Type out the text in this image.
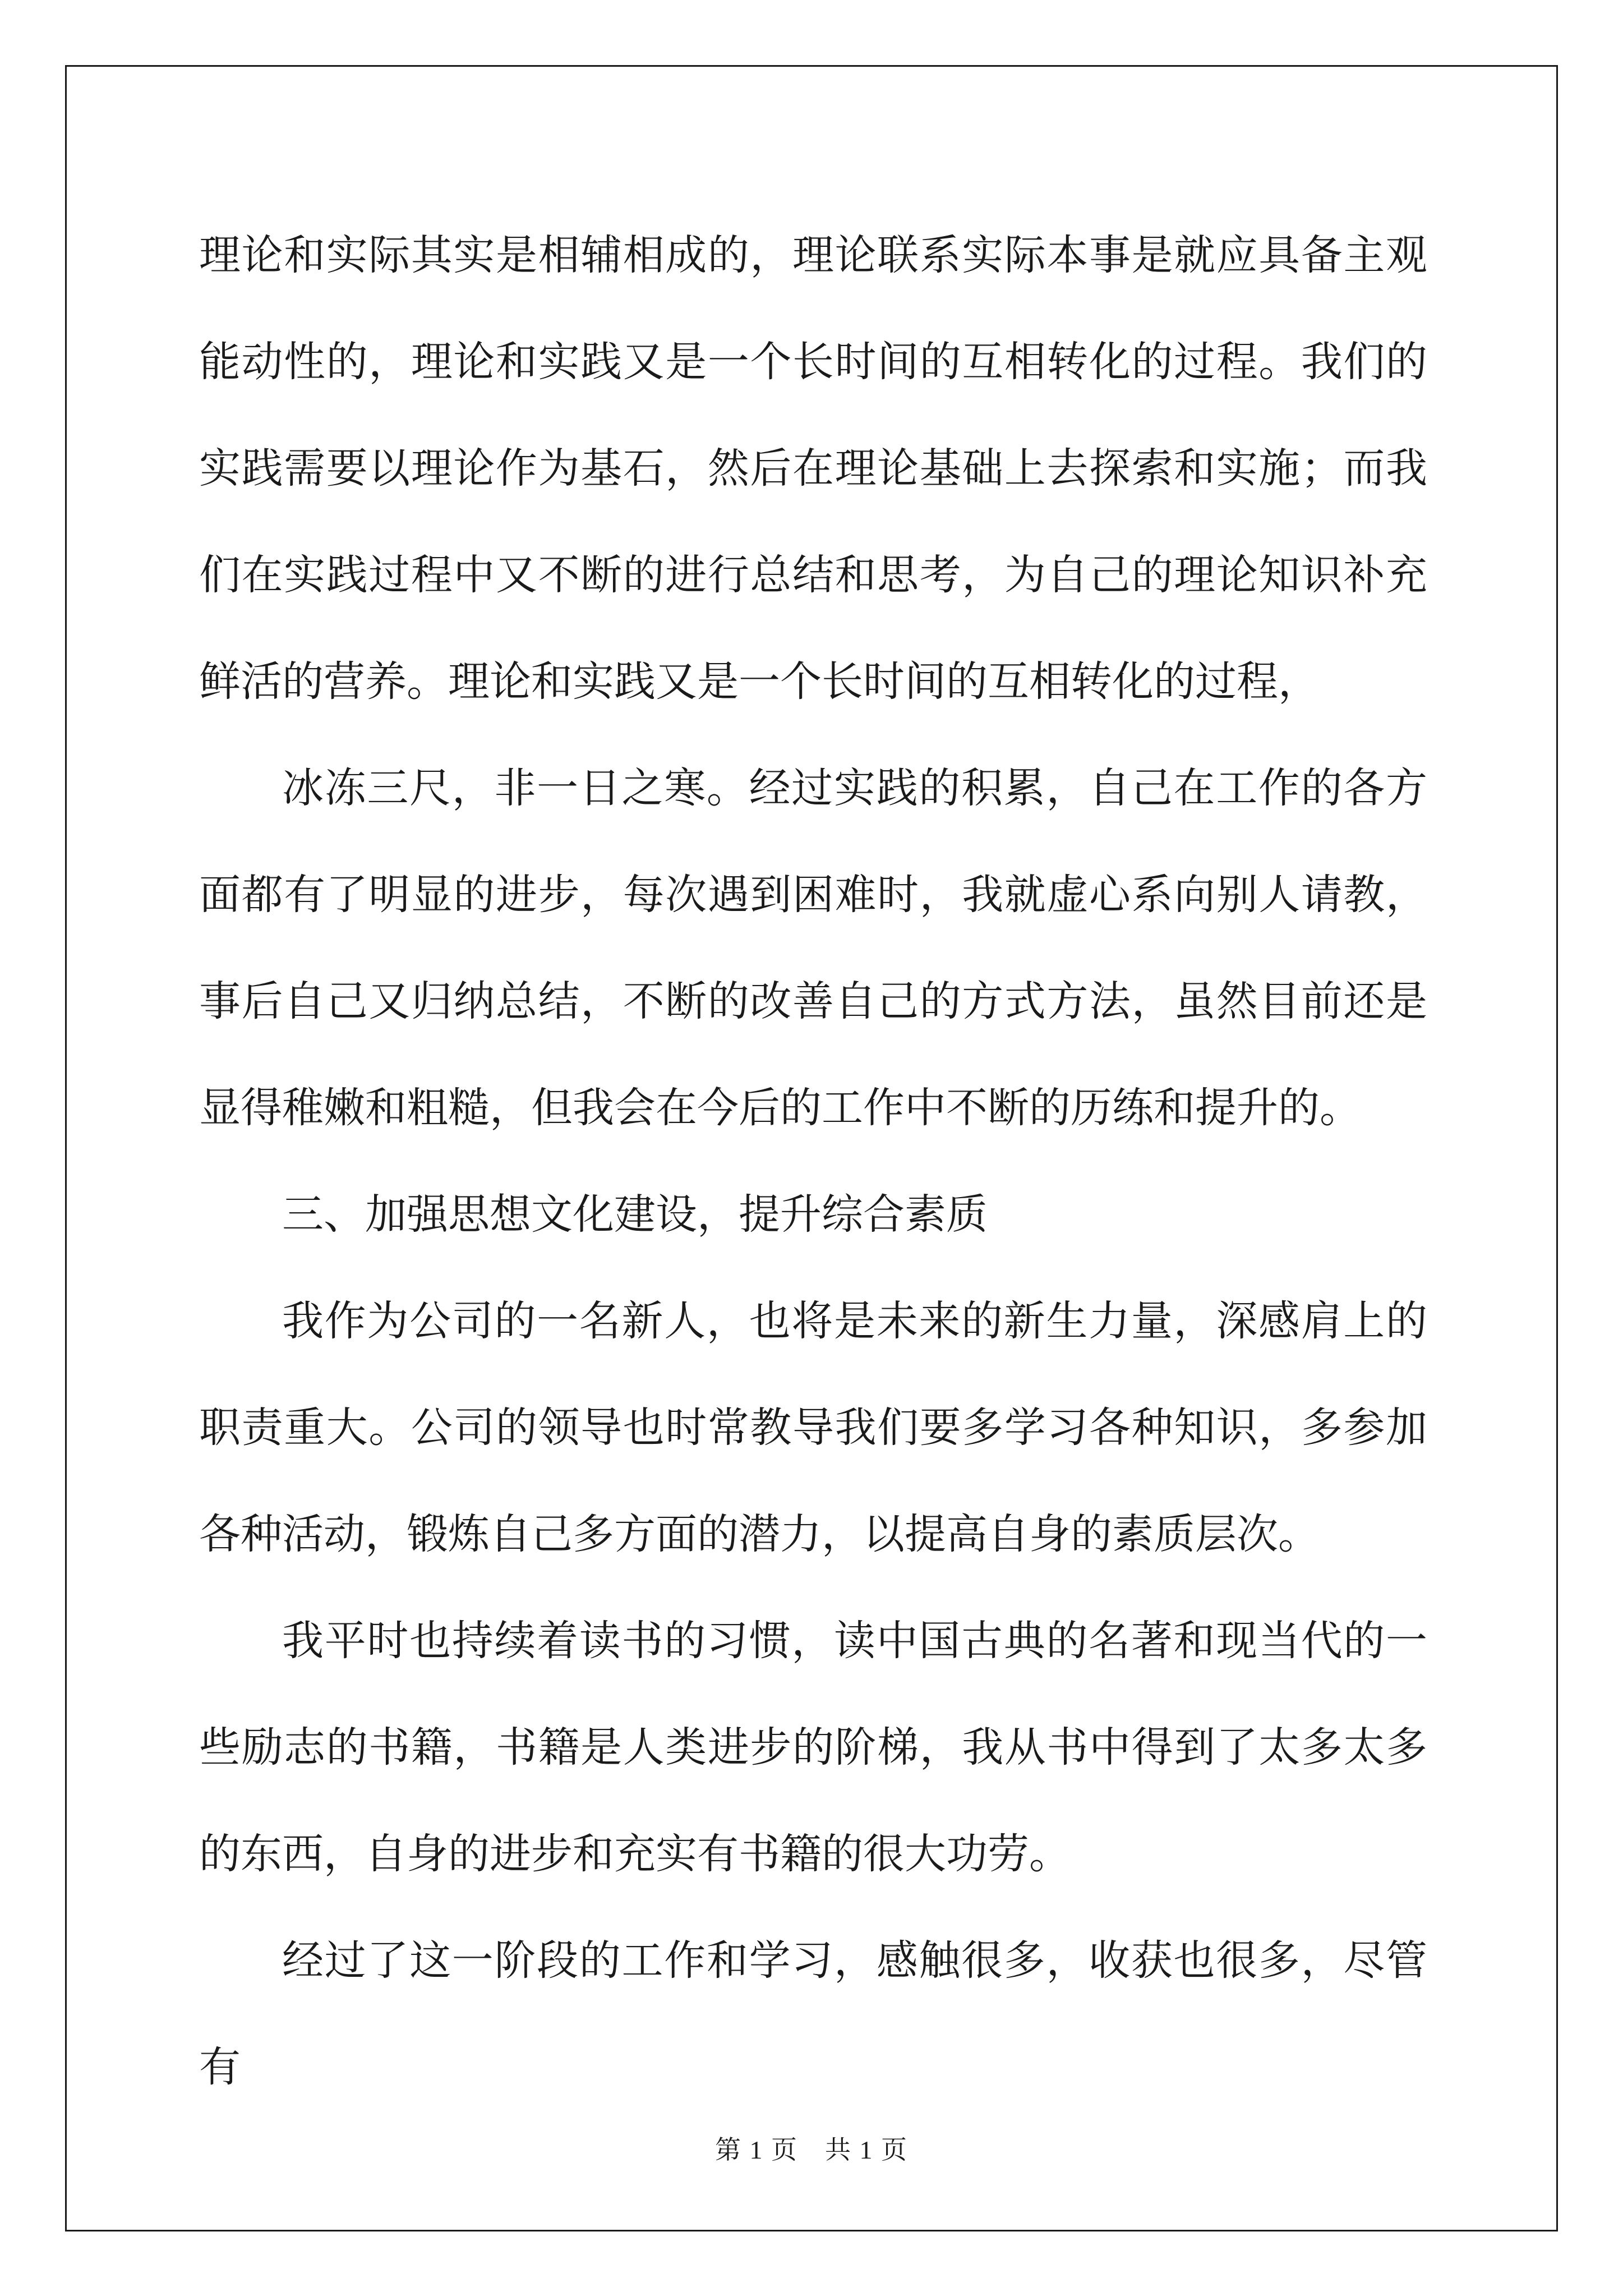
理论和实际其实是相辅相成的，理论联系实际本事是就应具备主观能动性的，理论和实践又是一个长时间的互相转化的过程。我们的实践需要以理论作为基石，然后在理论基础上去探索和实施；而我们在实践过程中又不断的进行总结和思考，为自己的理论知识补充鲜活的营养。理论和实践又是一个长时间的互相转化的过程，

冰冻三尺，非一日之寒。经过实践的积累，自己在工作的各方面都有了明显的进步，每次遇到困难时，我就虚心系向别人请教，事后自己又归纳总结，不断的改善自己的方式方法，虽然目前还是显得稚嫩和粗糙，但我会在今后的工作中不断的历练和提升的。

三、加强思想文化建设，提升综合素质

我作为公司的一名新人，也将是未来的新生力量，深感肩上的职责重大。公司的领导也时常教导我们要多学习各种知识，多参加各种活动，锻炼自己多方面的潜力，以提高自身的素质层次。

我平时也持续着读书的习惯，读中国古典的名著和现当代的一些励志的书籍，书籍是人类进步的阶梯，我从书中得到了太多太多的东西，自身的进步和充实有书籍的很大功劳。

经过了这一阶段的工作和学习，感触很多，收获也很多，尽管有

第 1 页　共 1 页
